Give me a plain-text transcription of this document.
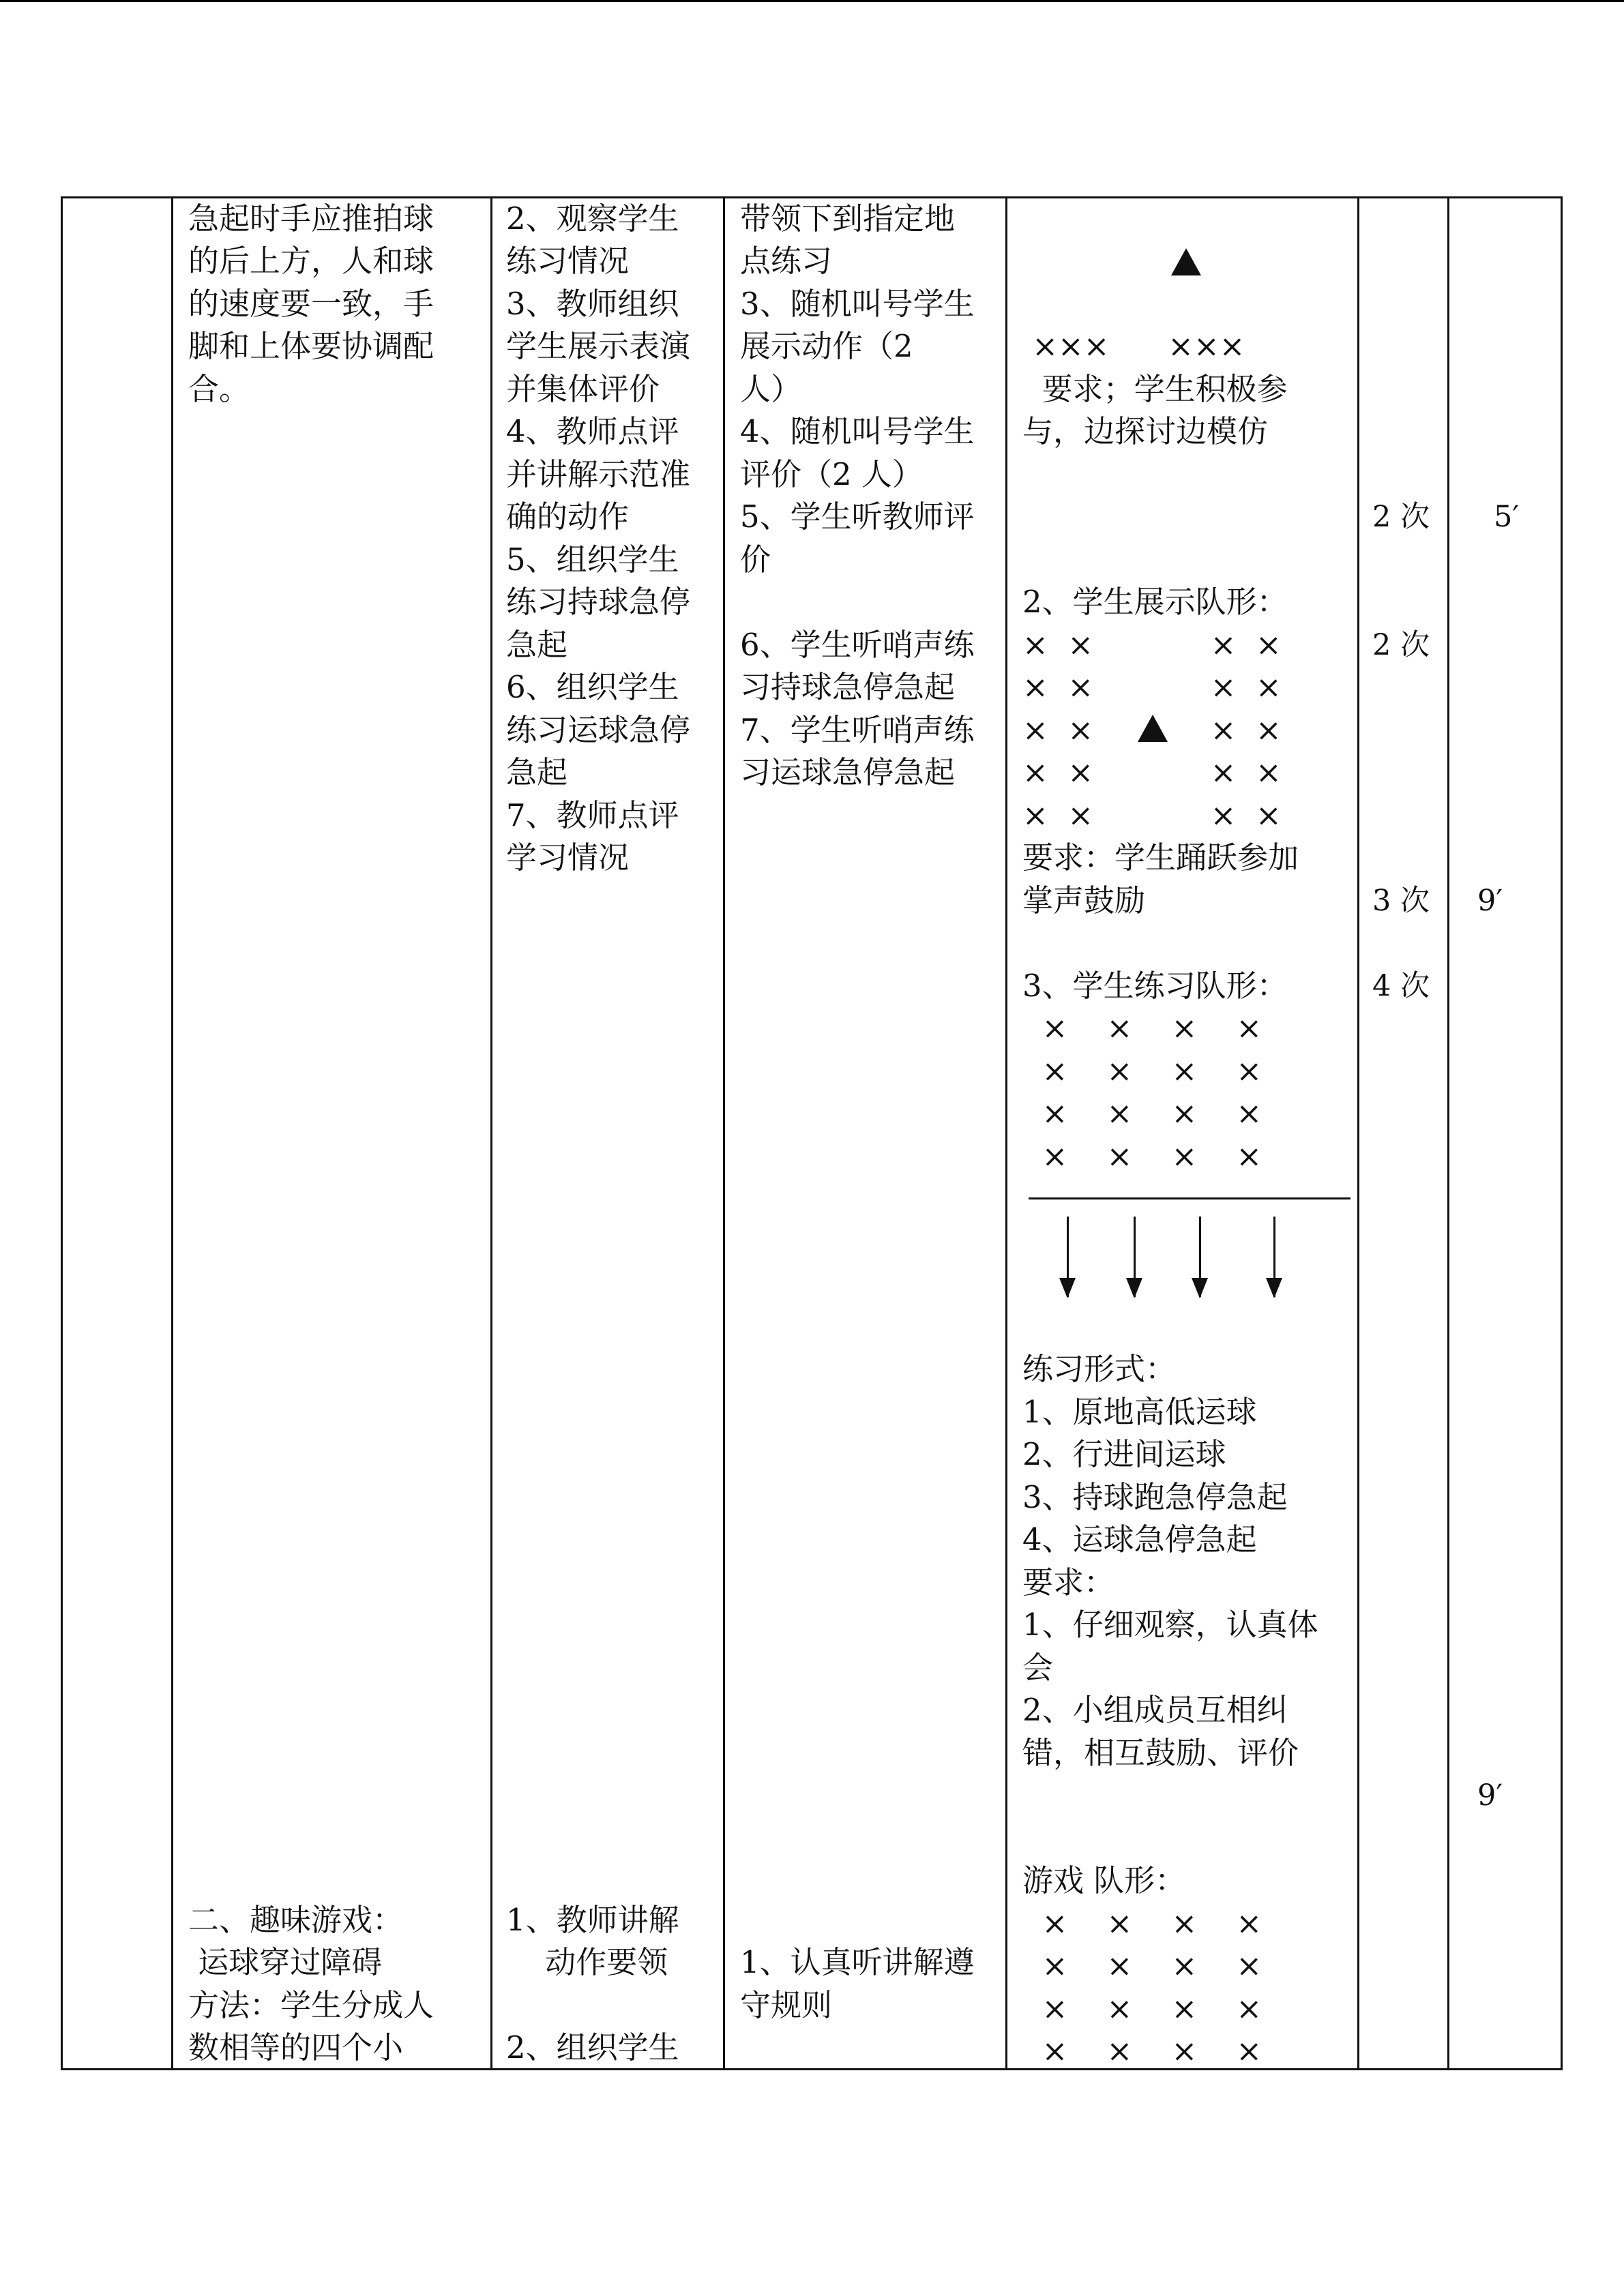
急起时手应推拍球
的后上方，人和球
的速度要一致，手
脚和上体要协调配
合。
二、趣味游戏：
运球穿过障碍
方法：学生分成人
数相等的四个小
2、观察学生
练习情况
3、教师组织
学生展示表演
并集体评价
4、教师点评
并讲解示范准
确的动作
5、组织学生
练习持球急停
急起
6、组织学生
练习运球急停
急起
7、教师点评
学习情况
1、教师讲解
动作要领
2、组织学生
带领下到指定地
点练习
3、随机叫号学生
展示动作（2
人）
4、随机叫号学生
评价（2 人）
5、学生听教师评
价
6、学生听哨声练
习持球急停急起
7、学生听哨声练
习运球急停急起
1、认真听讲解遵
守规则
×××      ×××
要求；学生积极参
与，边探讨边模仿
2、学生展示队形：
×  ×            ×  ×
×  ×            ×  ×
×  ×            ×  ×
×  ×            ×  ×
×  ×            ×  ×
要求：学生踊跃参加
掌声鼓励
3、学生练习队形：
×    ×    ×    ×
×    ×    ×    ×
×    ×    ×    ×
×    ×    ×    ×
练习形式：
1、原地高低运球
2、行进间运球
3、持球跑急停急起
4、运球急停急起
要求：
1、仔细观察，认真体
会
2、小组成员互相纠
错，相互鼓励、评价
游戏 队形：
×    ×    ×    ×
×    ×    ×    ×
×    ×    ×    ×
×    ×    ×    ×
2 次
2 次
3 次
4 次
5′
9′
9′
